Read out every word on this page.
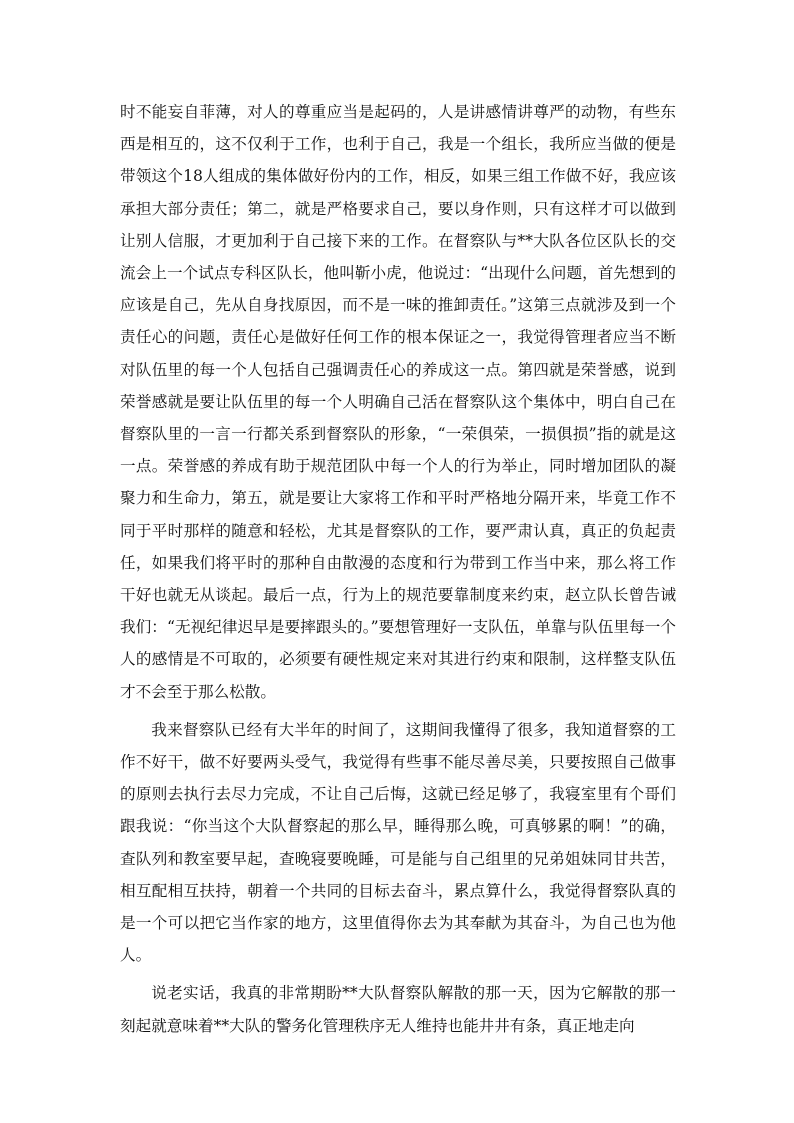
时不能妄自菲薄，对人的尊重应当是起码的，人是讲感情讲尊严的动物，有些东西是相互的，这不仅利于工作，也利于自己，我是一个组长，我所应当做的便是带领这个18人组成的集体做好份内的工作，相反，如果三组工作做不好，我应该承担大部分责任；第二，就是严格要求自己，要以身作则，只有这样才可以做到让别人信服，才更加利于自己接下来的工作。在督察队与**大队各位区队长的交流会上一个试点专科区队长，他叫靳小虎，他说过：“出现什么问题，首先想到的应该是自己，先从自身找原因，而不是一味的推卸责任。”这第三点就涉及到一个责任心的问题，责任心是做好任何工作的根本保证之一，我觉得管理者应当不断对队伍里的每一个人包括自己强调责任心的养成这一点。第四就是荣誉感，说到荣誉感就是要让队伍里的每一个人明确自己活在督察队这个集体中，明白自己在督察队里的一言一行都关系到督察队的形象，“一荣俱荣，一损俱损”指的就是这一点。荣誉感的养成有助于规范团队中每一个人的行为举止，同时增加团队的凝聚力和生命力，第五，就是要让大家将工作和平时严格地分隔开来，毕竟工作不同于平时那样的随意和轻松，尤其是督察队的工作，要严肃认真，真正的负起责任，如果我们将平时的那种自由散漫的态度和行为带到工作当中来，那么将工作干好也就无从谈起。最后一点，行为上的规范要靠制度来约束，赵立队长曾告诫我们：“无视纪律迟早是要摔跟头的。”要想管理好一支队伍，单靠与队伍里每一个人的感情是不可取的，必须要有硬性规定来对其进行约束和限制，这样整支队伍才不会至于那么松散。

我来督察队已经有大半年的时间了，这期间我懂得了很多，我知道督察的工作不好干，做不好要两头受气，我觉得有些事不能尽善尽美，只要按照自己做事的原则去执行去尽力完成，不让自己后悔，这就已经足够了，我寝室里有个哥们跟我说：“你当这个大队督察起的那么早，睡得那么晚，可真够累的啊！”的确，查队列和教室要早起，查晚寝要晚睡，可是能与自己组里的兄弟姐妹同甘共苦，相互配相互扶持，朝着一个共同的目标去奋斗，累点算什么，我觉得督察队真的是一个可以把它当作家的地方，这里值得你去为其奉献为其奋斗，为自己也为他人。

说老实话，我真的非常期盼**大队督察队解散的那一天，因为它解散的那一刻起就意味着**大队的警务化管理秩序无人维持也能井井有条，真正地走向
